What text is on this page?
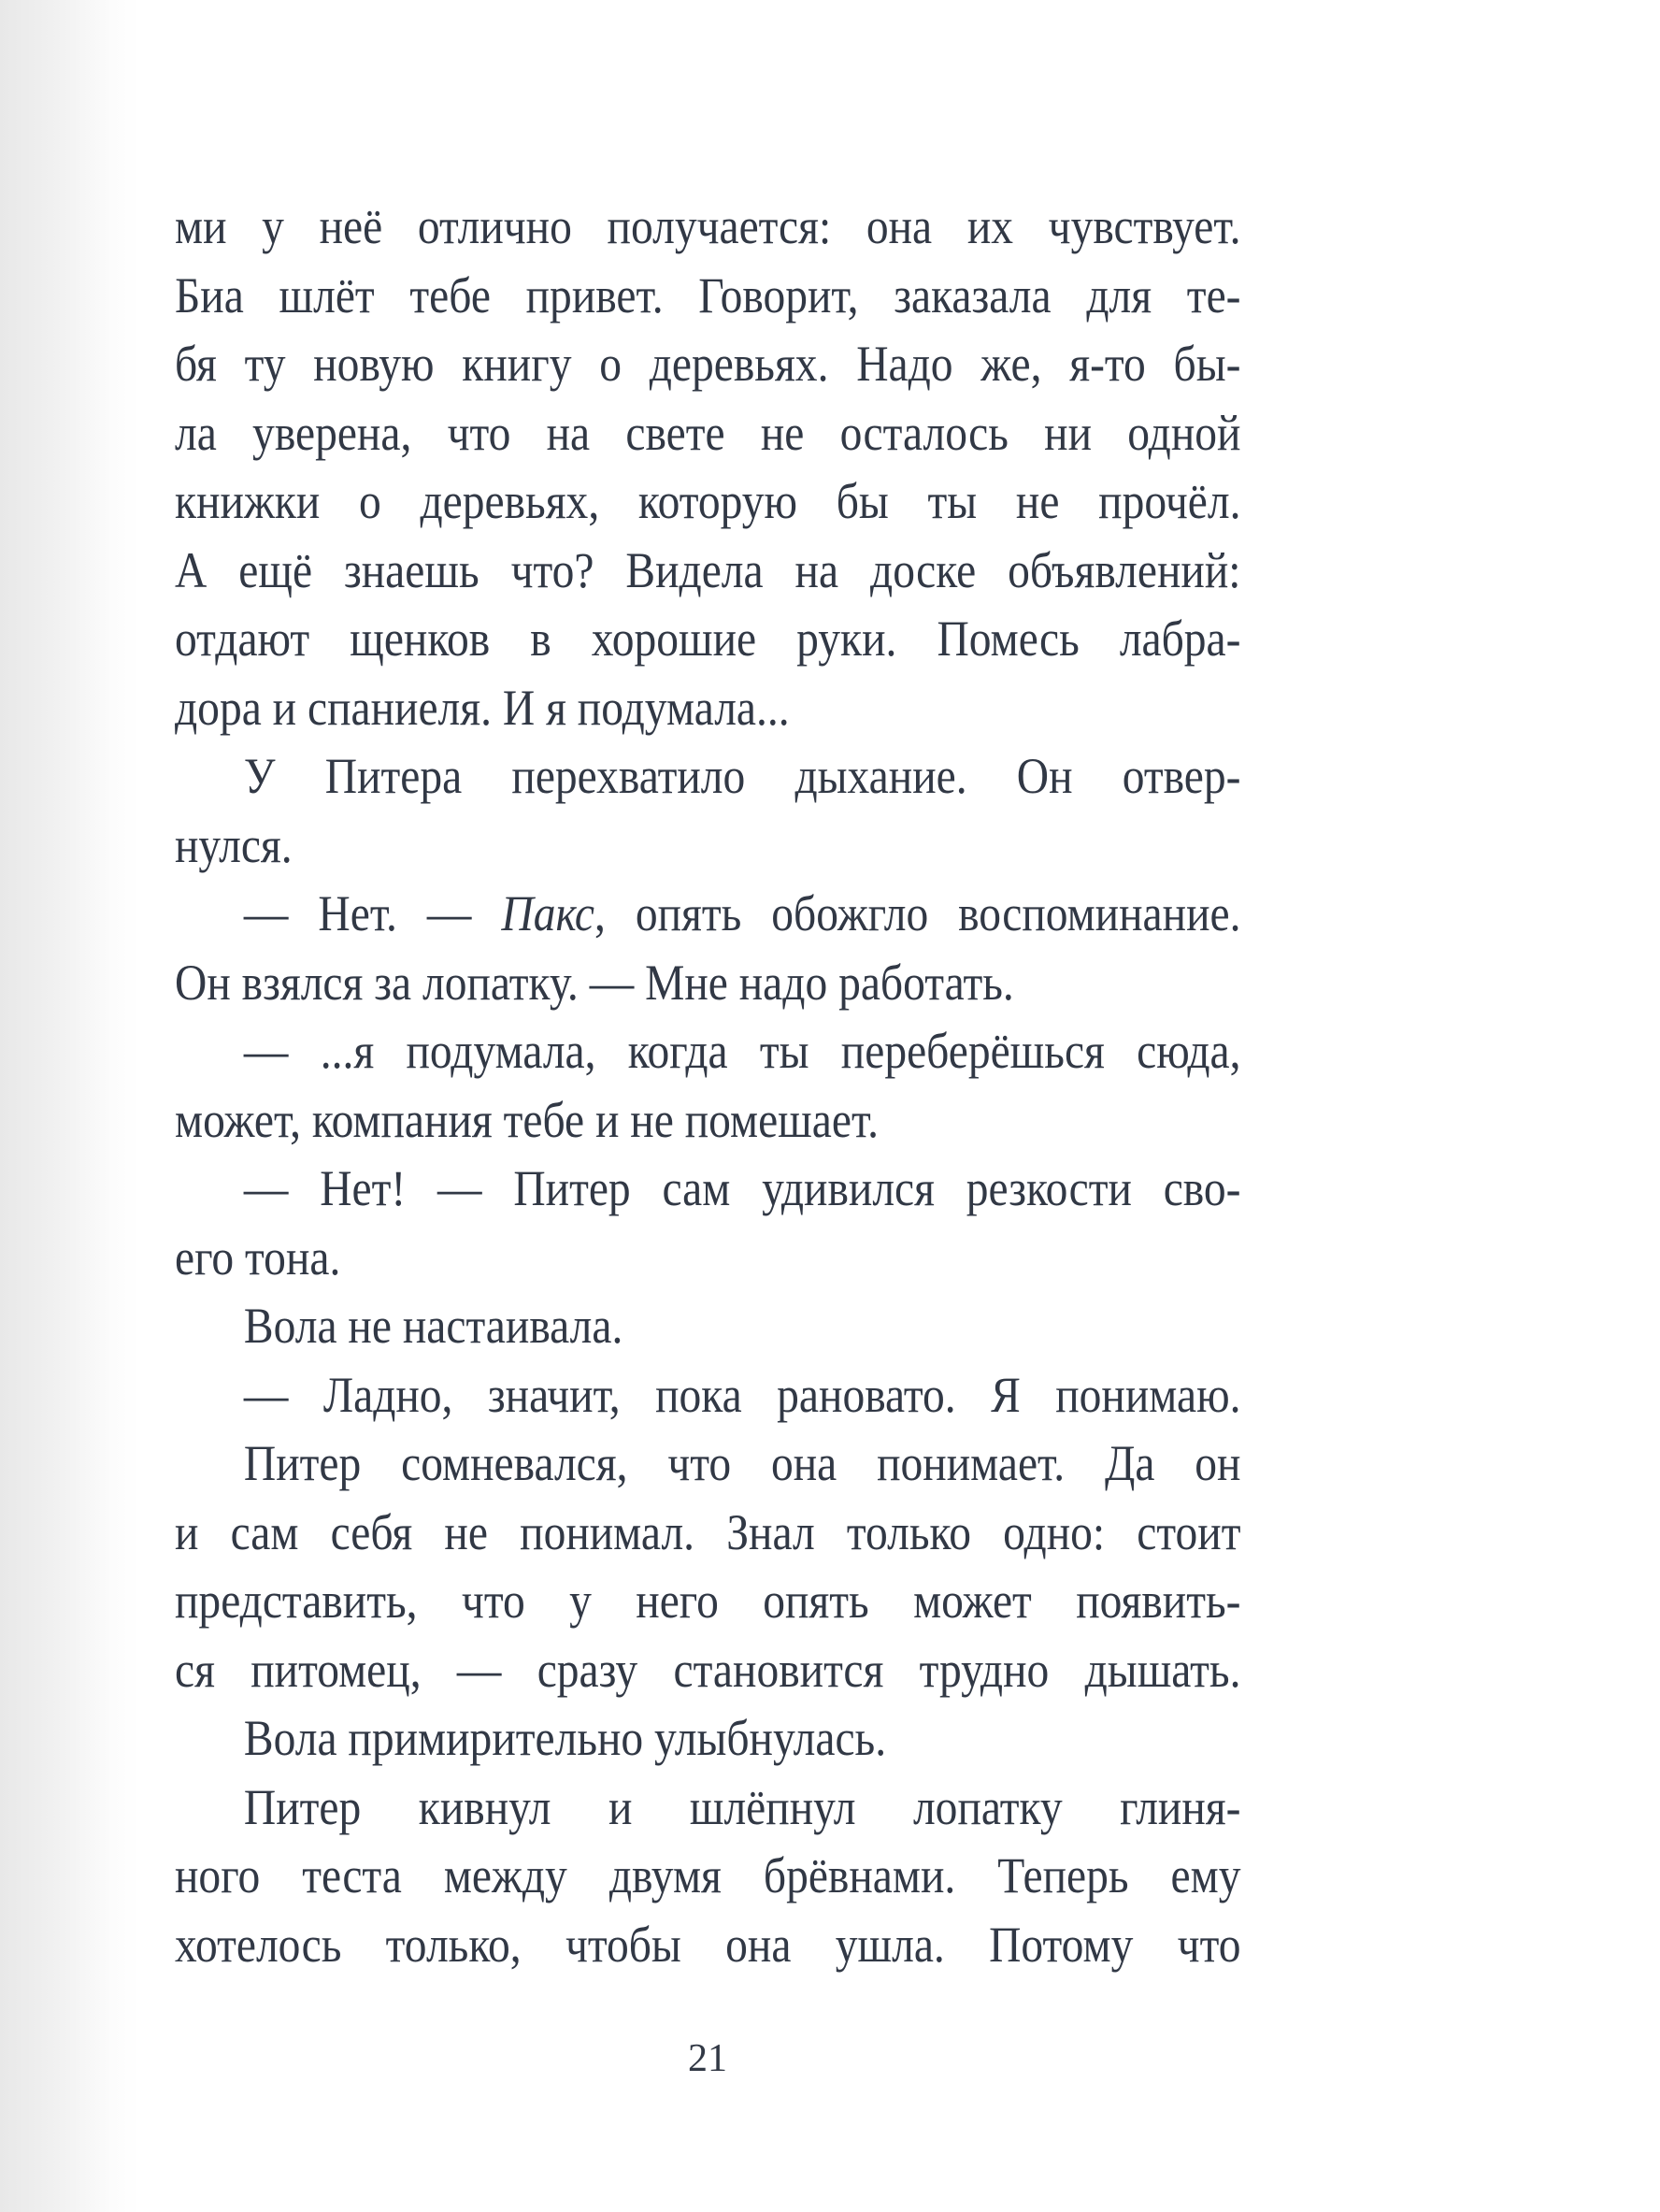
ми у неё отлично получается: она их чувствует.
Биа шлёт тебе привет. Говорит, заказала для те-
бя ту новую книгу о деревьях. Надо же, я-то бы-
ла уверена, что на свете не осталось ни одной
книжки о деревьях, которую бы ты не прочёл.
А ещё знаешь что? Видела на доске объявлений:
отдают щенков в хорошие руки. Помесь лабра-
дора и спаниеля. И я подумала...
У Питера перехватило дыхание. Он отвер-
нулся.
— Нет. — Пакс, опять обожгло воспоминание.
Он взялся за лопатку. — Мне надо работать.
— ...я подумала, когда ты переберёшься сюда,
может, компания тебе и не помешает.
— Нет! — Питер сам удивился резкости сво-
его тона.
Вола не настаивала.
— Ладно, значит, пока рановато. Я понимаю.
Питер сомневался, что она понимает. Да он
и сам себя не понимал. Знал только одно: стоит
представить, что у него опять может появить-
ся питомец, — сразу становится трудно дышать.
Вола примирительно улыбнулась.
Питер кивнул и шлёпнул лопатку глиня-
ного теста между двумя брёвнами. Теперь ему
хотелось только, чтобы она ушла. Потому что
21
